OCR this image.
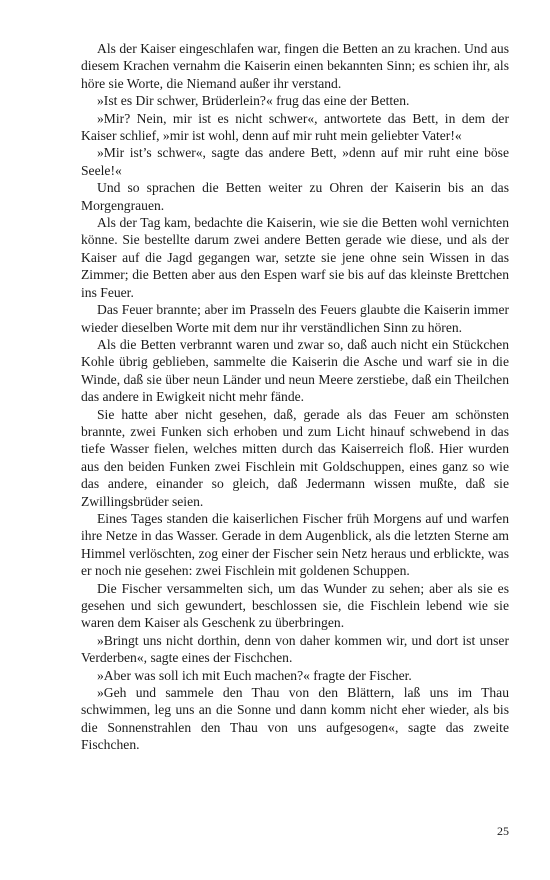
Als der Kaiser eingeschlafen war, fingen die Betten an zu krachen. Und aus diesem Krachen vernahm die Kaiserin einen bekannten Sinn; es schien ihr, als höre sie Worte, die Niemand außer ihr verstand.

»Ist es Dir schwer, Brüderlein?« frug das eine der Betten.

»Mir? Nein, mir ist es nicht schwer«, antwortete das Bett, in dem der Kaiser schlief, »mir ist wohl, denn auf mir ruht mein geliebter Vater!«

»Mir ist’s schwer«, sagte das andere Bett, »denn auf mir ruht eine böse Seele!«

Und so sprachen die Betten weiter zu Ohren der Kaiserin bis an das Morgengrauen.

Als der Tag kam, bedachte die Kaiserin, wie sie die Betten wohl vernichten könne. Sie bestellte darum zwei andere Betten gerade wie diese, und als der Kaiser auf die Jagd gegangen war, setzte sie jene ohne sein Wissen in das Zimmer; die Betten aber aus den Espen warf sie bis auf das kleinste Brettchen ins Feuer.

Das Feuer brannte; aber im Prasseln des Feuers glaubte die Kaiserin immer wieder dieselben Worte mit dem nur ihr verständlichen Sinn zu hören.

Als die Betten verbrannt waren und zwar so, daß auch nicht ein Stückchen Kohle übrig geblieben, sammelte die Kaiserin die Asche und warf sie in die Winde, daß sie über neun Länder und neun Meere zerstiebe, daß ein Theilchen das andere in Ewigkeit nicht mehr fände.

Sie hatte aber nicht gesehen, daß, gerade als das Feuer am schönsten brannte, zwei Funken sich erhoben und zum Licht hinauf schwebend in das tiefe Wasser fielen, welches mitten durch das Kaiserreich floß. Hier wurden aus den beiden Funken zwei Fischlein mit Goldschuppen, eines ganz so wie das andere, einander so gleich, daß Jedermann wissen mußte, daß sie Zwillingsbrüder seien.

Eines Tages standen die kaiserlichen Fischer früh Morgens auf und warfen ihre Netze in das Wasser. Gerade in dem Augenblick, als die letzten Sterne am Himmel verlöschten, zog einer der Fischer sein Netz heraus und erblickte, was er noch nie gesehen: zwei Fischlein mit goldenen Schuppen.

Die Fischer versammelten sich, um das Wunder zu sehen; aber als sie es gesehen und sich gewundert, beschlossen sie, die Fischlein lebend wie sie waren dem Kaiser als Geschenk zu überbringen.

»Bringt uns nicht dorthin, denn von daher kommen wir, und dort ist unser Verderben«, sagte eines der Fischchen.

»Aber was soll ich mit Euch machen?« fragte der Fischer.

»Geh und sammele den Thau von den Blättern, laß uns im Thau schwimmen, leg uns an die Sonne und dann komm nicht eher wieder, als bis die Sonnenstrahlen den Thau von uns aufgesogen«, sagte das zweite Fischchen.

25
